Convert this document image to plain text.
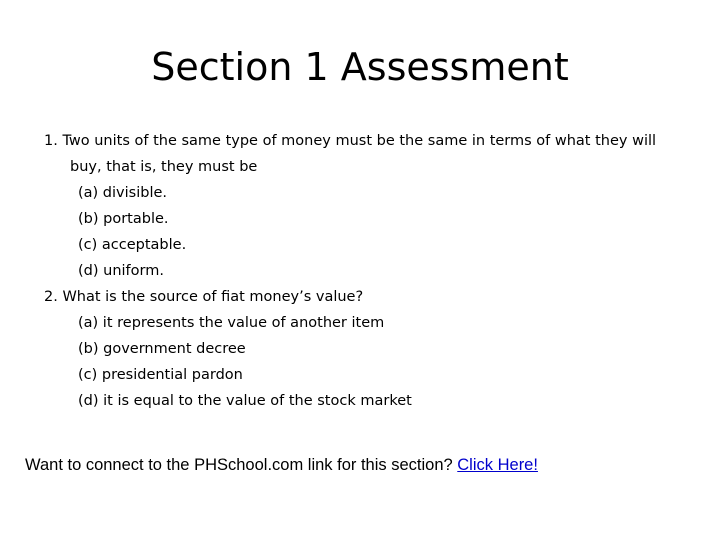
Section 1 Assessment
1. Two units of the same type of money must be the same in terms of what they will
buy, that is, they must be
(a) divisible.
(b) portable.
(c) acceptable.
(d) uniform.
2. What is the source of fiat money’s value?
(a) it represents the value of another item
(b) government decree
(c) presidential pardon
(d) it is equal to the value of the stock market
Want to connect to the PHSchool.com link for this section? Click Here!
